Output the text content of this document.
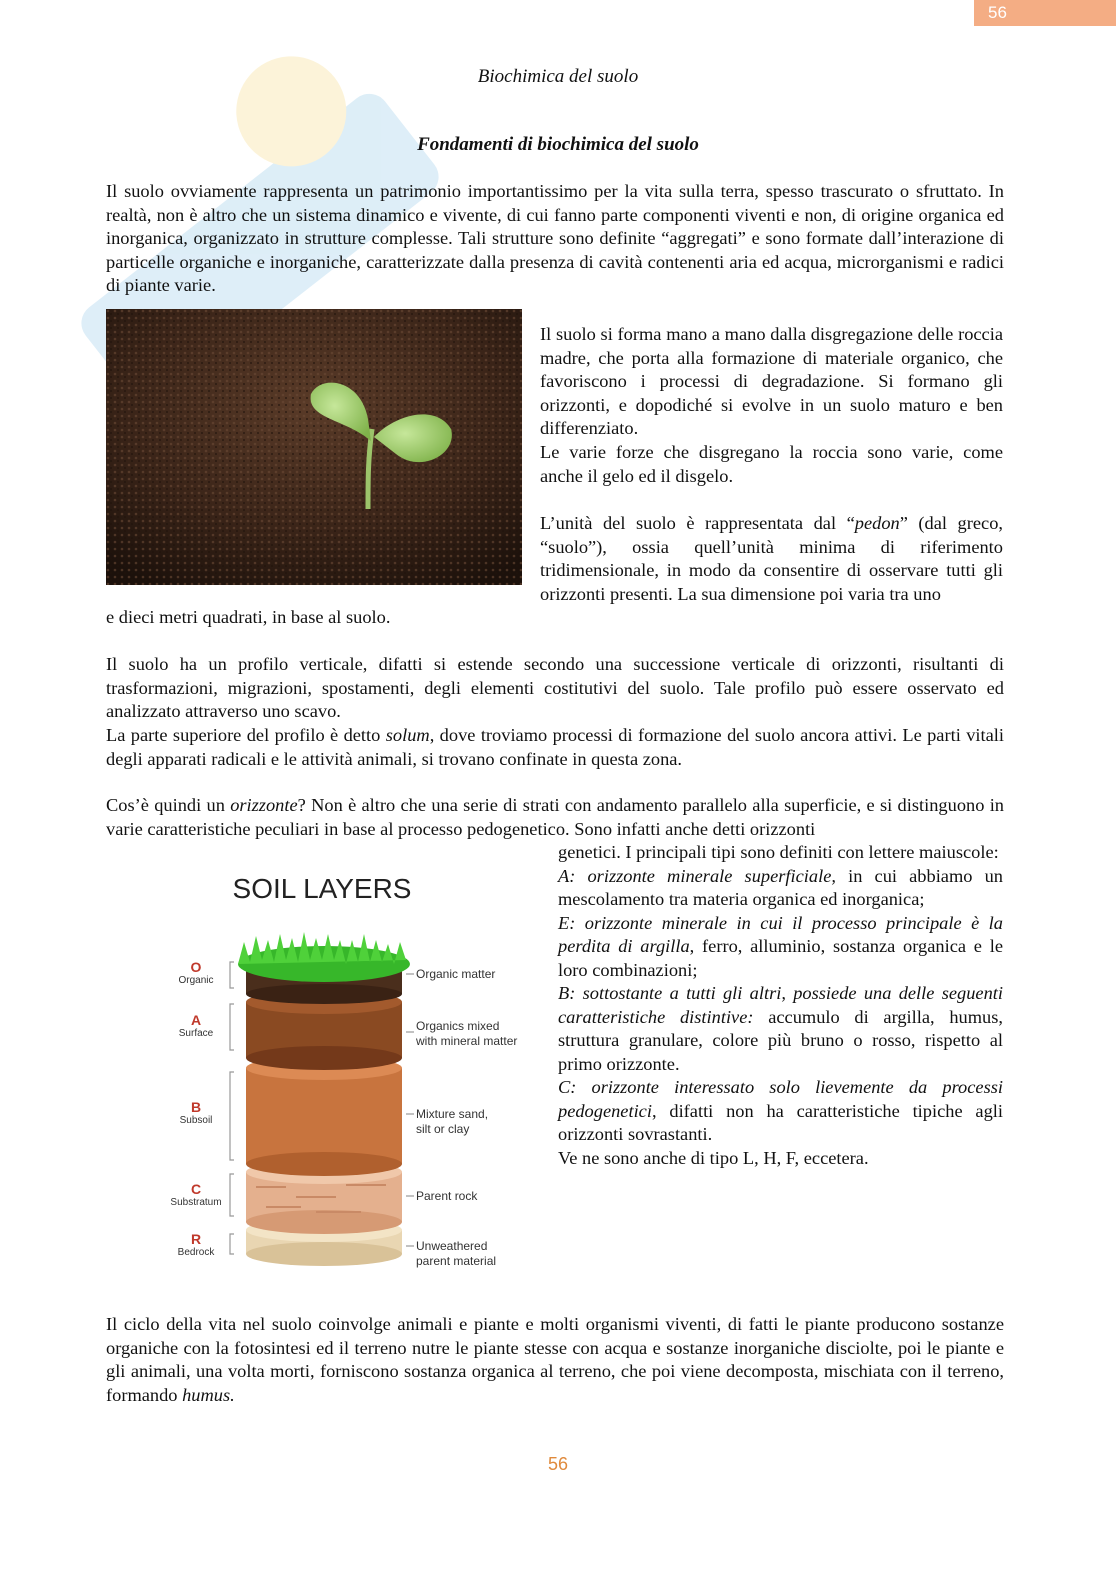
56
Biochimica del suolo
Fondamenti di biochimica del suolo

Il suolo ovviamente rappresenta un patrimonio importantissimo per la vita sulla terra, spesso trascurato o sfruttato. In realtà, non è altro che un sistema dinamico e vivente, di cui fanno parte componenti viventi e non, di origine organica ed inorganica, organizzato in strutture complesse. Tali strutture sono definite “aggregati” e sono formate dall’interazione di particelle organiche e inorganiche, caratterizzate dalla presenza di cavità contenenti aria ed acqua, microrganismi e radici di piante varie.

Il suolo si forma mano a mano dalla disgregazione delle roccia madre, che porta alla formazione di materiale organico, che favoriscono i processi di degradazione. Si formano gli orizzonti, e dopodiché si evolve in un suolo maturo e ben differenziato.

Le varie forze che disgregano la roccia sono varie, come anche il gelo ed il disgelo.

L’unità del suolo è rappresentata dal “pedon” (dal greco, “suolo”), ossia quell’unità minima di riferimento tridimensionale, in modo da consentire di osservare tutti gli orizzonti presenti. La sua dimensione poi varia tra uno

e dieci metri quadrati, in base al suolo.

Il suolo ha un profilo verticale, difatti si estende secondo una successione verticale di orizzonti, risultanti di trasformazioni, migrazioni, spostamenti, degli elementi costitutivi del suolo. Tale profilo può essere osservato ed analizzato attraverso uno scavo.

La parte superiore del profilo è detto solum, dove troviamo processi di formazione del suolo ancora attivi. Le parti vitali degli apparati radicali e le attività animali, si trovano confinate in questa zona.

Cos’è quindi un orizzonte? Non è altro che una serie di strati con andamento parallelo alla superficie, e si distinguono in varie caratteristiche peculiari in base al processo pedogenetico. Sono infatti anche detti orizzonti

genetici. I principali tipi sono definiti con lettere maiuscole:
A: orizzonte minerale superficiale, in cui abbiamo un mescolamento tra materia organica ed inorganica;
E: orizzonte minerale in cui il processo principale è la perdita di argilla, ferro, alluminio, sostanza organica e le loro combinazioni;
B: sottostante a tutti gli altri, possiede una delle seguenti caratteristiche distintive: accumulo di argilla, humus, struttura granulare, colore più bruno o rosso, rispetto al primo orizzonte.
C: orizzonte interessato solo lievemente da processi pedogenetici, difatti non ha caratteristiche tipiche agli orizzonti sovrastanti.
Ve ne sono anche di tipo L, H, F, eccetera.
SOIL LAYERS
O
Organic
A
Surface
B
Subsoil
C
Substratum
R
Bedrock
Organic matter
Organics mixed
with mineral matter
Mixture sand,
silt or clay
Parent rock
Unweathered
parent material

Il ciclo della vita nel suolo coinvolge animali e piante e molti organismi viventi, di fatti le piante producono sostanze organiche con la fotosintesi ed il terreno nutre le piante stesse con acqua e sostanze inorganiche disciolte, poi le piante e gli animali, una volta morti, forniscono sostanza organica al terreno, che poi viene decomposta, mischiata con il terreno, formando humus.

56
